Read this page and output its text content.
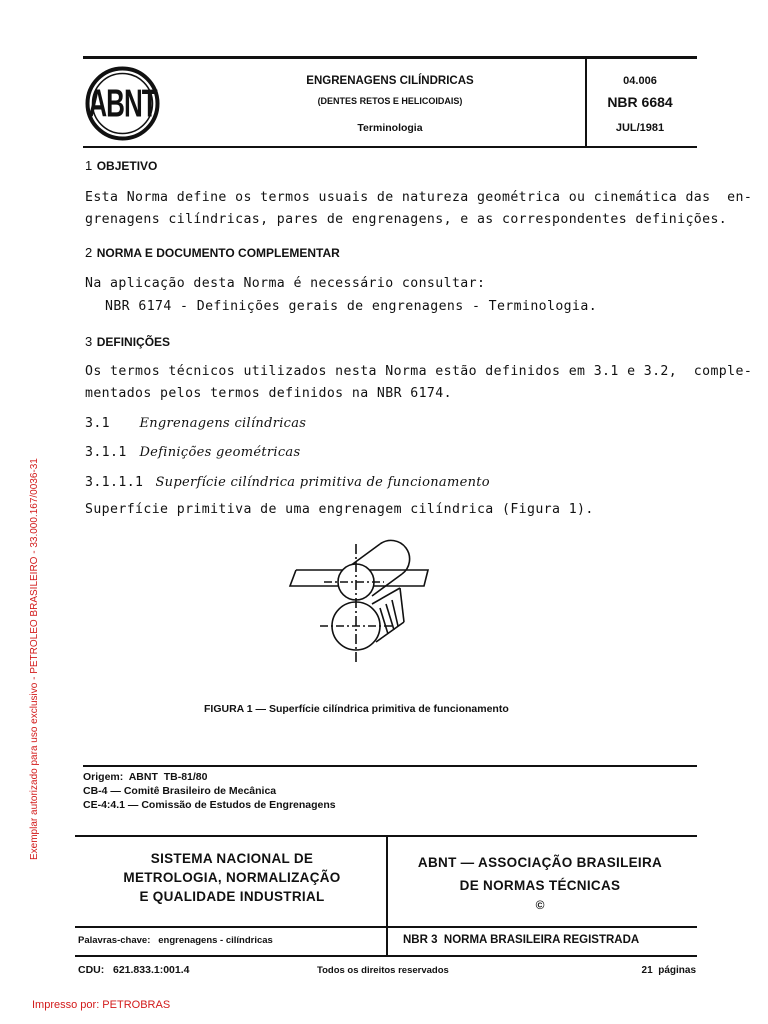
ABNT	ENGRENAGENS CILÍNDRICAS
(DENTES RETOS E HELICOIDAIS)
Terminologia
04.006
NBR 6684
JUL/1981
1 OBJETIVO
Esta Norma define os termos usuais de natureza geométrica ou cinemática das  en-
grenagens cilíndricas, pares de engrenagens, e as correspondentes definições.
2 NORMA E DOCUMENTO COMPLEMENTAR
Na aplicação desta Norma é necessário consultar:
NBR 6174 - Definições gerais de engrenagens - Terminologia.
3 DEFINIÇÕES
Os termos técnicos utilizados nesta Norma estão definidos em 3.1 e 3.2,  comple-
mentados pelos termos definidos na NBR 6174.
3.1 Engrenagens cilíndricas
3.1.1 Definições geométricas
3.1.1.1 Superfície cilíndrica primitiva de funcionamento
Superfície primitiva de uma engrenagem cilíndrica (Figura 1).
FIGURA 1 — Superfície cilíndrica primitiva de funcionamento
Origem:  ABNT  TB-81/80
CB-4 — Comitê Brasileiro de Mecânica
CE-4:4.1 — Comissão de Estudos de Engrenagens
SISTEMA NACIONAL DE
METROLOGIA, NORMALIZAÇÃO
E QUALIDADE INDUSTRIAL
ABNT — ASSOCIAÇÃO BRASILEIRA
DE NORMAS TÉCNICAS
©
Palavras-chave:   engrenagens - cilíndricas	NBR 3  NORMA BRASILEIRA REGISTRADA
CDU:   621.833.1:001.4	Todos os direitos reservados	21  páginas
Exemplar autorizado para uso exclusivo - PETROLEO BRASILEIRO - 33.000.167/0036-31
Impresso por: PETROBRAS
